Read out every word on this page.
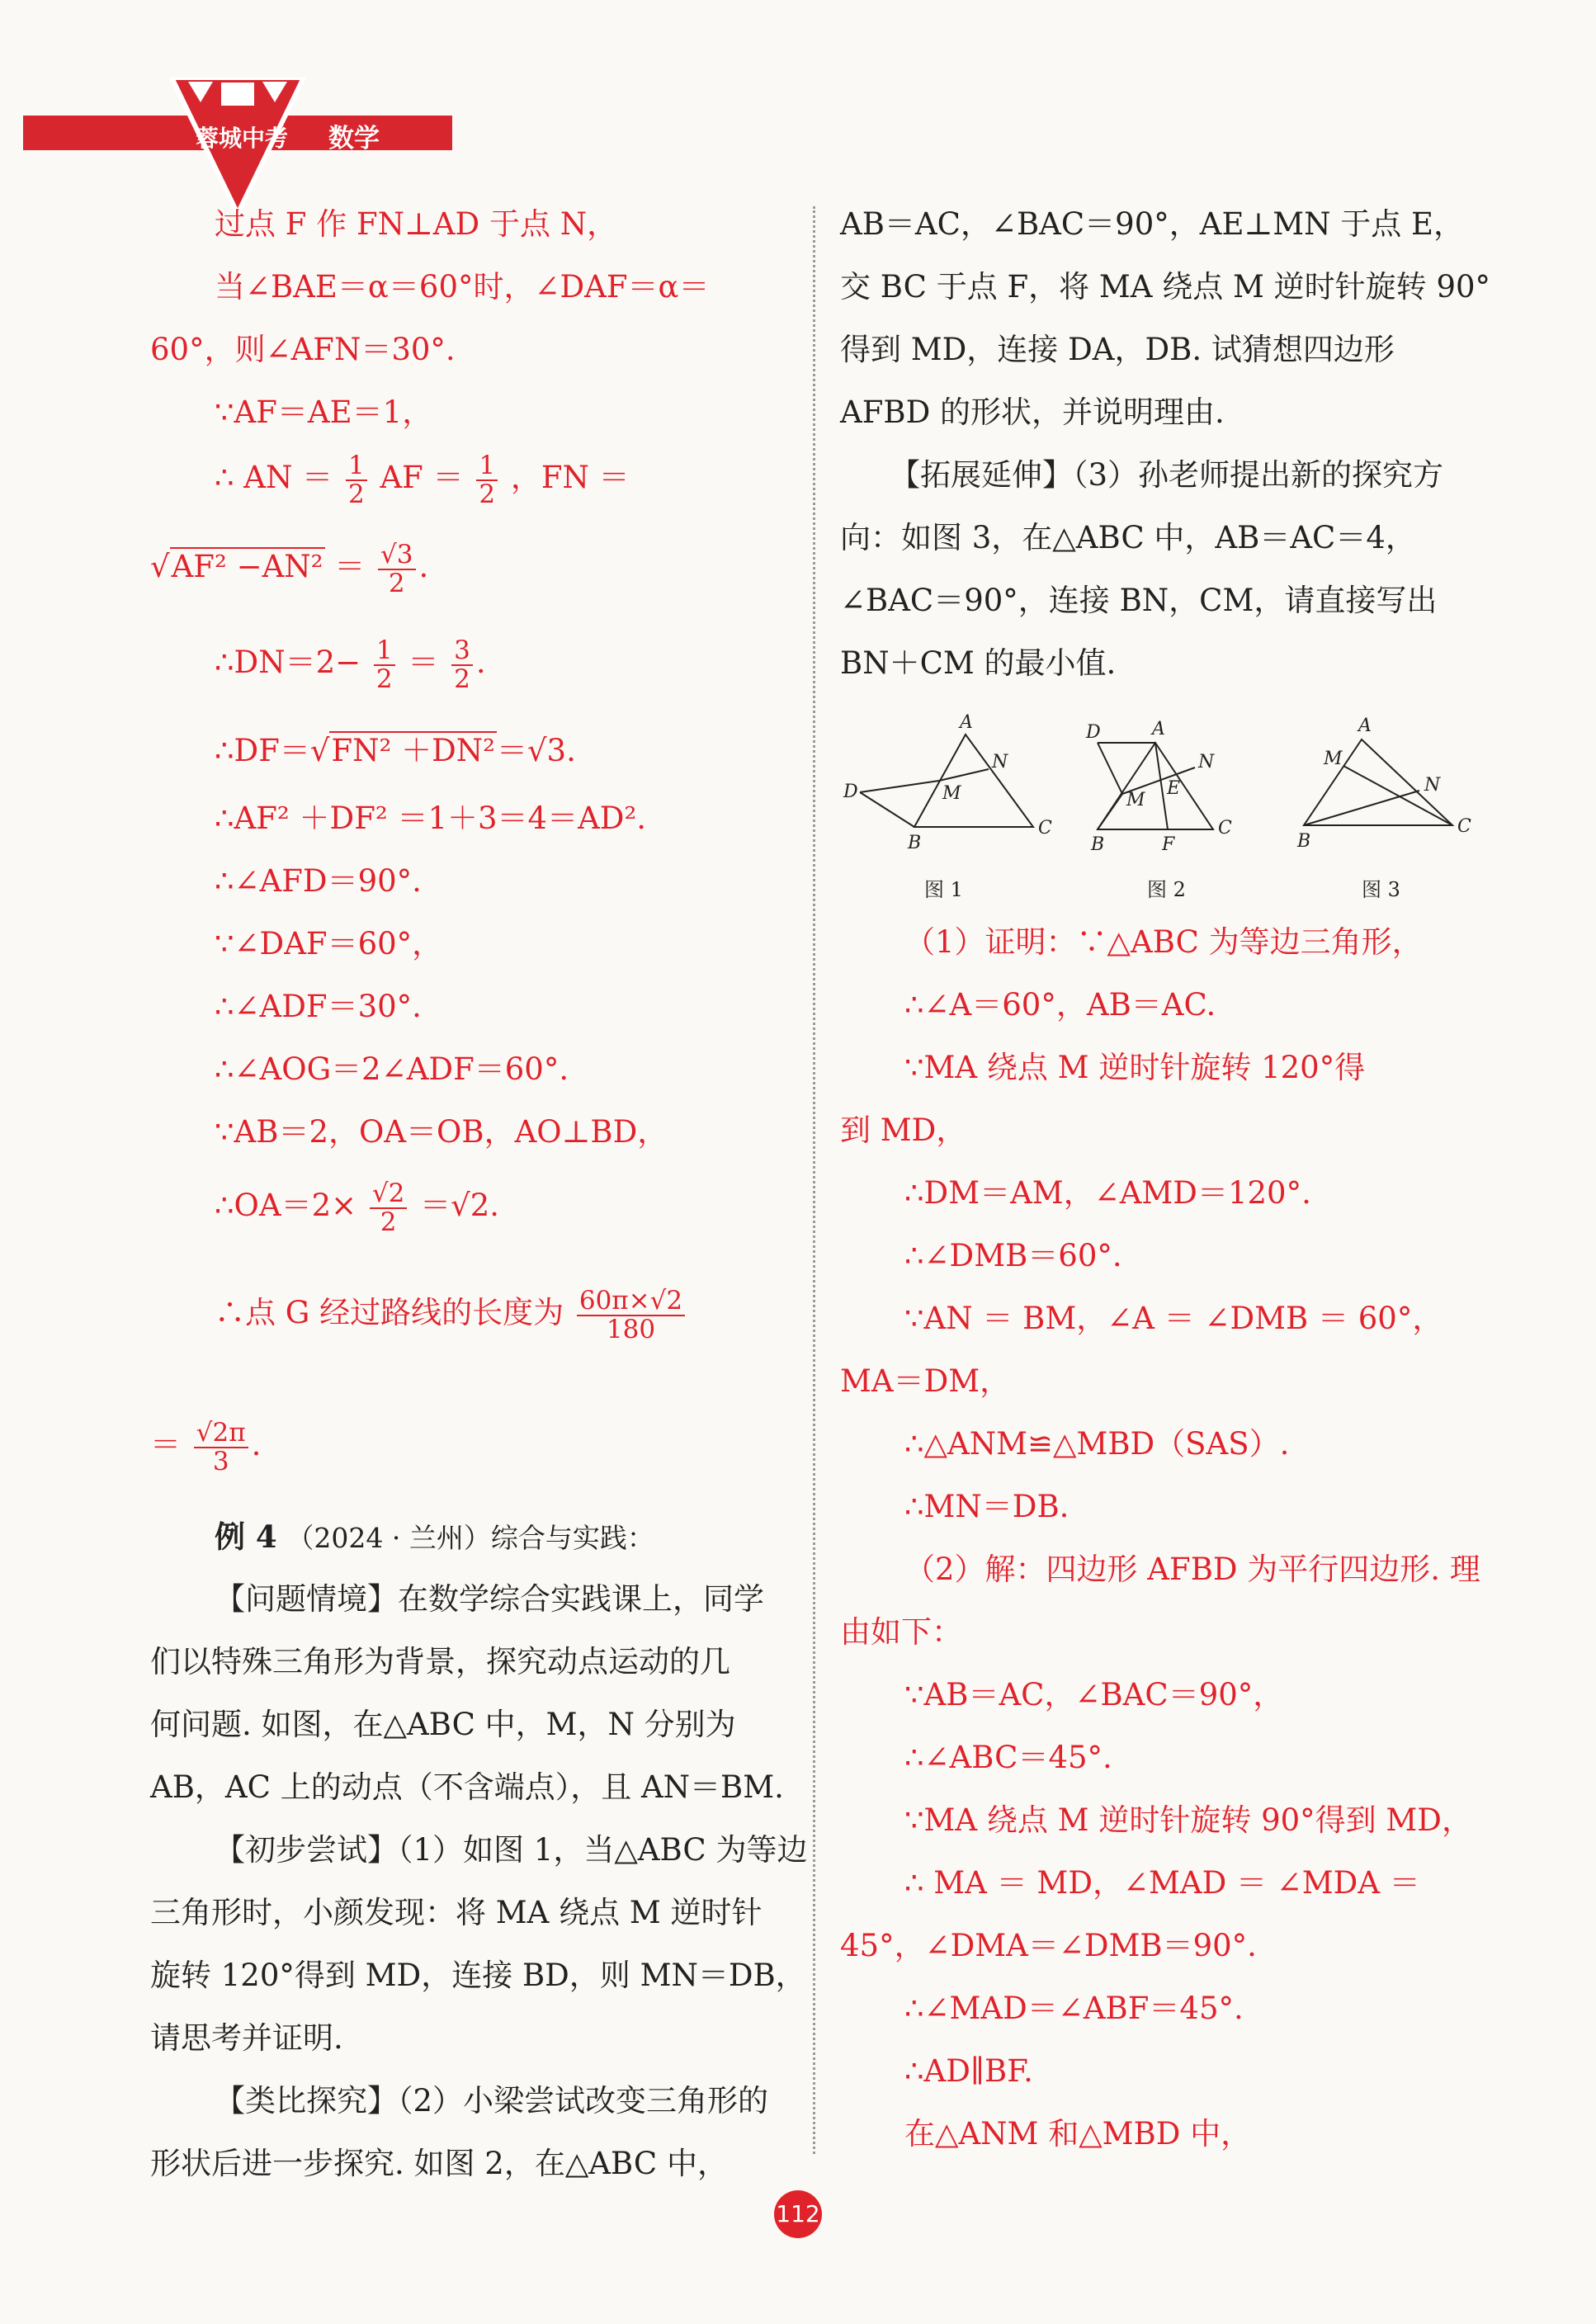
蓉城中考	数学
过点 F 作 FN⊥AD 于点 N，
当∠BAE＝α＝60°时，∠DAF＝α＝
60°，则∠AFN＝30°.
∵AF＝AE＝1，
∴ AN ＝ $\frac{1}{2}$ AF ＝ $\frac{1}{2}$ ，FN ＝
$√AF^2 -AN^2 = \frac{√3}{2}$ .
∴DN＝2− $\frac{1}{2} = \frac{3}{2}$ .
∴DF＝√FN² ＋DN²＝√3.
∴AF² ＋DF² ＝1＋3＝4＝AD².
∴∠AFD＝90°.
∵∠DAF＝60°，
∴∠ADF＝30°.
∴∠AOG＝2∠ADF＝60°.
∵AB＝2，OA＝OB，AO⊥BD，
∴OA＝2× $\frac{√2}{2} =√2$.
∴点 G 经过路线的长度为 $\frac{60\pi\times√2}{180}$
＝ $\frac{√2\pi}{3}$ .
例 4 （2024 · 兰州）综合与实践：
【问题情境】在数学综合实践课上，同学
们以特殊三角形为背景，探究动点运动的几
何问题. 如图，在△ABC 中，M，N 分别为
AB，AC 上的动点（不含端点），且 AN＝BM.
【初步尝试】（1）如图 1，当△ABC 为等边
三角形时，小颜发现：将 MA 绕点 M 逆时针
旋转 120°得到 MD，连接 BD，则 MN＝DB，
请思考并证明.
【类比探究】（2）小梁尝试改变三角形的
形状后进一步探究. 如图 2，在△ABC 中，
AB＝AC，∠BAC＝90°，AE⊥MN 于点 E，
交 BC 于点 F，将 MA 绕点 M 逆时针旋转 90°
得到 MD，连接 DA，DB. 试猜想四边形
AFBD 的形状，并说明理由.
【拓展延伸】（3）孙老师提出新的探究方
向：如图 3，在△ABC 中，AB＝AC＝4，
∠BAC＝90°，连接 BN，CM，请直接写出
BN＋CM 的最小值.
（1）证明：∵△ABC 为等边三角形，
∴∠A＝60°，AB＝AC.
∵MA 绕点 M 逆时针旋转 120°得
到 MD，
∴DM＝AM，∠AMD＝120°.
∴∠DMB＝60°.
∵AN ＝ BM，∠A ＝ ∠DMB ＝ 60°，
MA＝DM，
∴△ANM≌△MBD（SAS）.
∴MN＝DB.
（2）解：四边形 AFBD 为平行四边形. 理
由如下：
∵AB＝AC，∠BAC＝90°，
∴∠ABC＝45°.
∵MA 绕点 M 逆时针旋转 90°得到 MD，
∴ MA ＝ MD，∠MAD ＝ ∠MDA ＝
45°，∠DMA＝∠DMB＝90°.
∴∠MAD＝∠ABF＝45°.
∴AD∥BF.
在△ANM 和△MBD 中，
A
N
D	M
B
C
D	A
N
M
E
B	F
C
A
M
N
B
C
图 1	图 2	图 3
112
